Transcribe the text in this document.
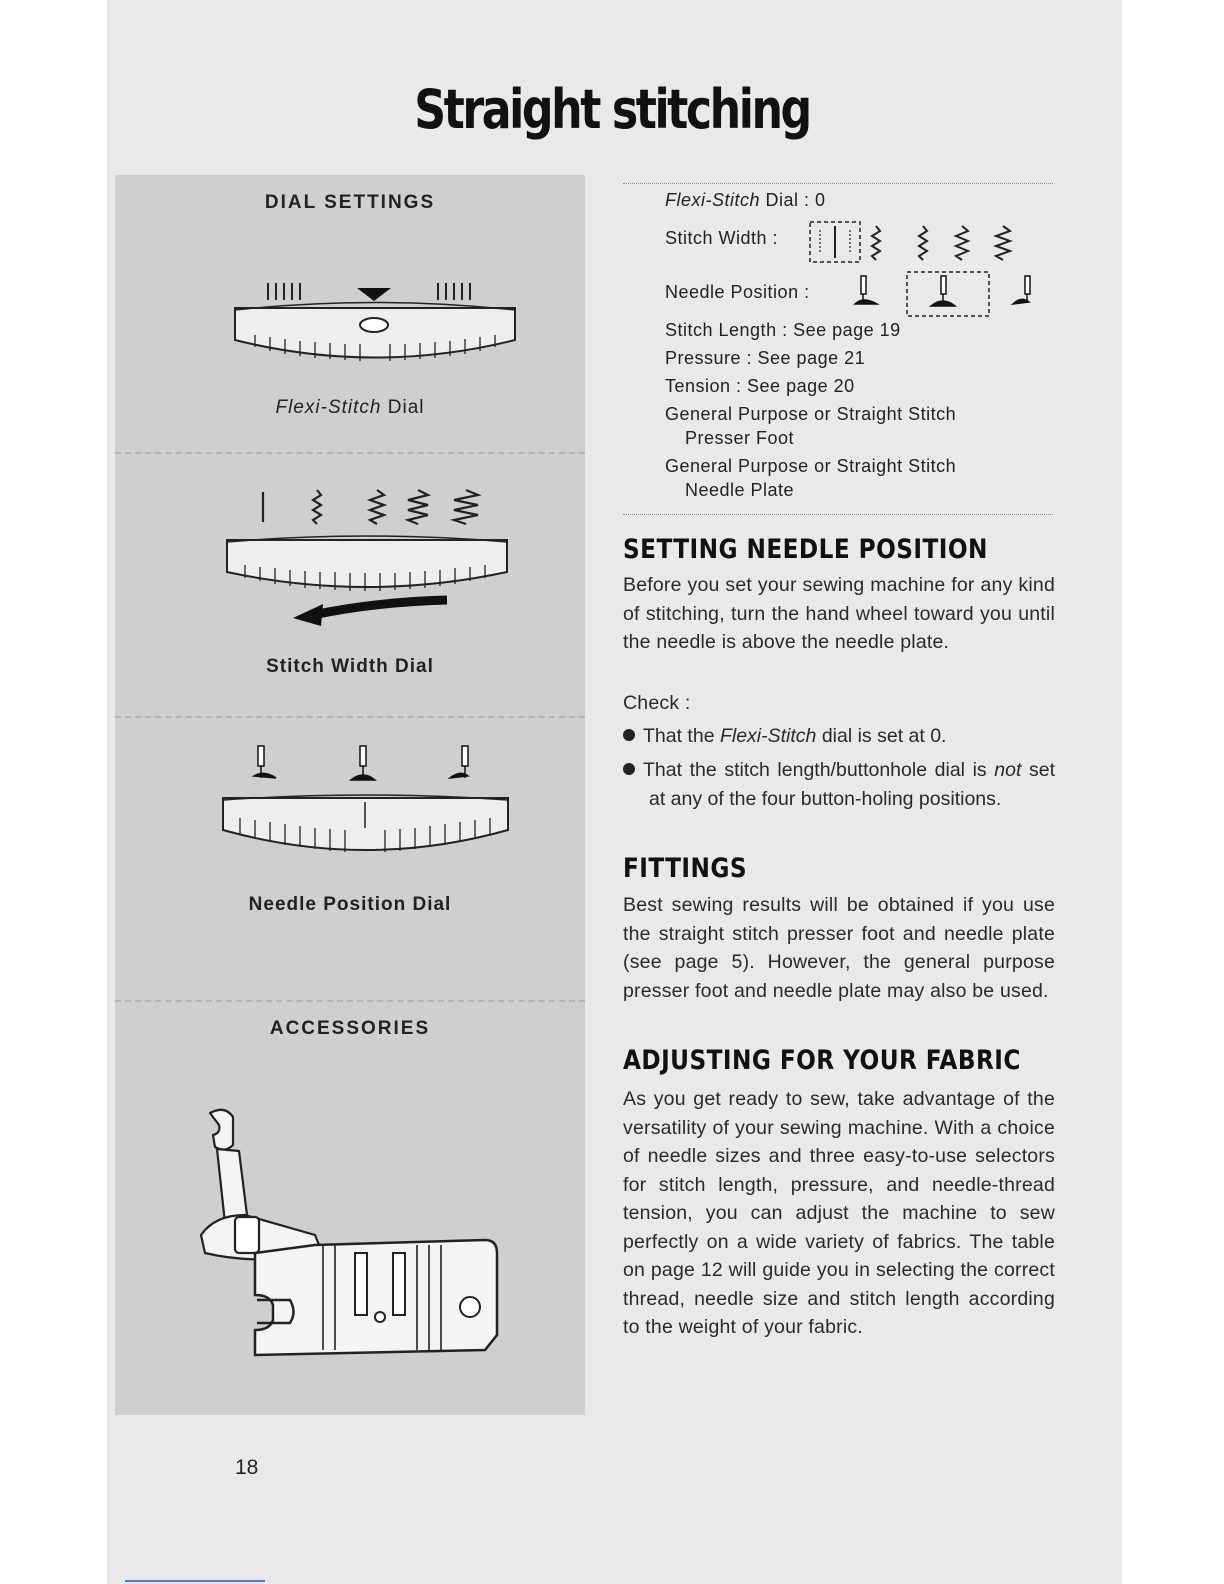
Straight stitching
DIAL SETTINGS
Flexi-Stitch Dial
Stitch Width Dial
Needle Position Dial
ACCESSORIES
Flexi-Stitch Dial : 0
Stitch Width :
Needle Position :
Stitch Length : See page 19
Pressure : See page 21
Tension : See page 20
General Purpose or Straight Stitch
Presser Foot
General Purpose or Straight Stitch
Needle Plate
SETTING NEEDLE POSITION

Before you set your sewing machine for any kind of stitching, turn the hand wheel toward you until the needle is above the needle plate.

Check :
That the Flexi-Stitch dial is set at 0.
That the stitch length/buttonhole dial is not set at any of the four button-holing positions.
FITTINGS

Best sewing results will be obtained if you use the straight stitch presser foot and needle plate (see page 5). However, the general purpose presser foot and needle plate may also be used.

ADJUSTING FOR YOUR FABRIC

As you get ready to sew, take advantage of the versatility of your sewing machine. With a choice of needle sizes and three easy-to-use selectors for stitch length, pressure, and needle-thread tension, you can adjust the machine to sew perfectly on a wide variety of fabrics. The table on page 12 will guide you in selecting the correct thread, needle size and stitch length according to the weight of your fabric.

18
